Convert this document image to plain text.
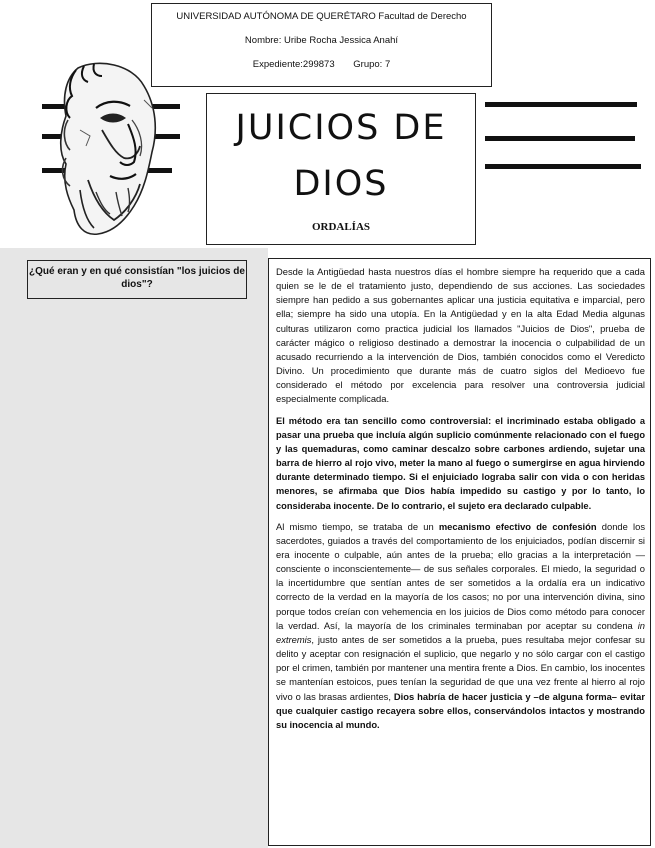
UNIVERSIDAD AUTÓNOMA DE QUERÉTARO Facultad de Derecho
Nombre: Uribe Rocha Jessica Anahí
Expediente:299873 Grupo: 7
JUICIOS DE
DIOS
ORDALÍAS
¿Qué eran y en qué consistían "los juicios de dios"?

Desde la Antigüedad hasta nuestros días el hombre siempre ha requerido que a cada quien se le de el tratamiento justo, dependiendo de sus acciones. Las sociedades siempre han pedido a sus gobernantes aplicar una justicia equitativa e imparcial, pero ella; siempre ha sido una utopía. En la Antigüedad y en la alta Edad Media algunas culturas utilizaron como practica judicial los llamados "Juicios de Dios", prueba de carácter mágico o religioso destinado a demostrar la inocencia o culpabilidad de un acusado recurriendo a la intervención de Dios, también conocidos como el Veredicto Divino. Un procedimiento que durante más de cuatro siglos del Medioevo fue considerado el método por excelencia para resolver una controversia judicial especialmente complicada.

El método era tan sencillo como controversial: el incriminado estaba obligado a pasar una prueba que incluía algún suplicio comúnmente relacionado con el fuego y las quemaduras, como caminar descalzo sobre carbones ardiendo, sujetar una barra de hierro al rojo vivo, meter la mano al fuego o sumergirse en agua hirviendo durante determinado tiempo. Si el enjuiciado lograba salir con vida o con heridas menores, se afirmaba que Dios había impedido su castigo y por lo tanto, lo consideraba inocente. De lo contrario, el sujeto era declarado culpable.

Al mismo tiempo, se trataba de un mecanismo efectivo de confesión donde los sacerdotes, guiados a través del comportamiento de los enjuiciados, podían discernir si era inocente o culpable, aún antes de la prueba; ello gracias a la interpretación —consciente o inconscientemente— de sus señales corporales. El miedo, la seguridad o la incertidumbre que sentían antes de ser sometidos a la ordalía era un indicativo correcto de la verdad en la mayoría de los casos; no por una intervención divina, sino porque todos creían con vehemencia en los juicios de Dios como método para conocer la verdad. Así, la mayoría de los criminales terminaban por aceptar su condena in extremis, justo antes de ser sometidos a la prueba, pues resultaba mejor confesar su delito y aceptar con resignación el suplicio, que negarlo y no sólo cargar con el castigo por el crimen, también por mantener una mentira frente a Dios. En cambio, los inocentes se mantenían estoicos, pues tenían la seguridad de que una vez frente al hierro al rojo vivo o las brasas ardientes, Dios habría de hacer justicia y –de alguna forma– evitar que cualquier castigo recayera sobre ellos, conservándolos intactos y mostrando su inocencia al mundo.
